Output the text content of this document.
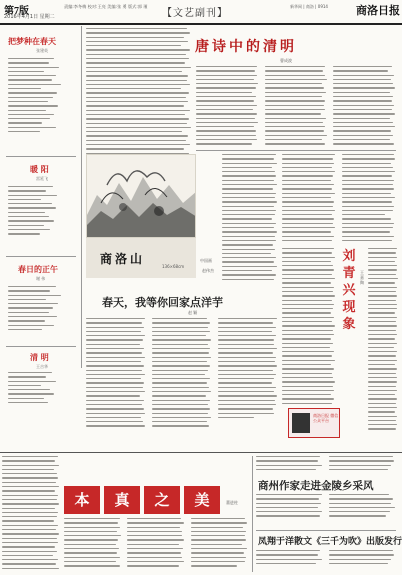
第7版
2016年4月1日 星期二
责编:李冬梅 校对:王亮 美编:张 勇 版式:郭 瑾
【文艺副刊】
新华网 | 商洛 | 0914	商洛日报
把梦种在春天
张建英
暖 阳
雷延飞
春日的正午
谢 伟
清 明
王吉华
唐诗中的清明
曹成波
商洛山
136×68cm
中国画
赵伟杰
春天，我等你回家点洋芋
赵 颖
刘青兴现象
王嘉陶
商洛日报 微信公众平台
本	真	之	美	董进柱
商州作家走进金陵乡采风
凤翔于洋散文《三千为吹》出版发行
